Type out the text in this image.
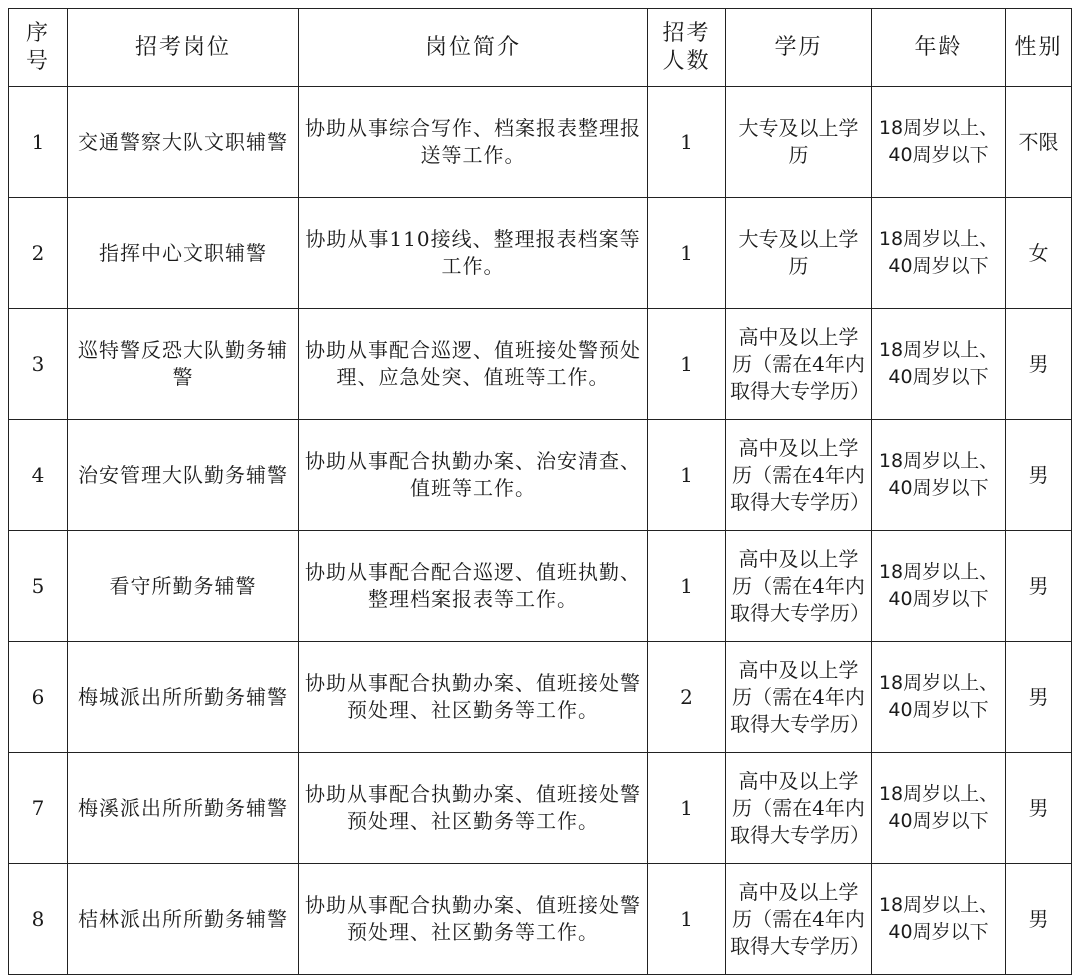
序号	招考岗位	岗位简介	招考人数	学历	年龄	性别
1	交通警察大队文职辅警	协助从事综合写作、档案报表整理报送等工作。	1	大专及以上学历	18周岁以上、40周岁以下	不限
2	指挥中心文职辅警	协助从事110接线、整理报表档案等工作。	1	大专及以上学历	18周岁以上、40周岁以下	女
3	巡特警反恐大队勤务辅警	协助从事配合巡逻、值班接处警预处理、应急处突、值班等工作。	1	高中及以上学历（需在4年内取得大专学历）	18周岁以上、40周岁以下	男
4	治安管理大队勤务辅警	协助从事配合执勤办案、治安清查、值班等工作。	1	高中及以上学历（需在4年内取得大专学历）	18周岁以上、40周岁以下	男
5	看守所勤务辅警	协助从事配合配合巡逻、值班执勤、整理档案报表等工作。	1	高中及以上学历（需在4年内取得大专学历）	18周岁以上、40周岁以下	男
6	梅城派出所所勤务辅警	协助从事配合执勤办案、值班接处警预处理、社区勤务等工作。	2	高中及以上学历（需在4年内取得大专学历）	18周岁以上、40周岁以下	男
7	梅溪派出所所勤务辅警	协助从事配合执勤办案、值班接处警预处理、社区勤务等工作。	1	高中及以上学历（需在4年内取得大专学历）	18周岁以上、40周岁以下	男
8	桔林派出所所勤务辅警	协助从事配合执勤办案、值班接处警预处理、社区勤务等工作。	1	高中及以上学历（需在4年内取得大专学历）	18周岁以上、40周岁以下	男
